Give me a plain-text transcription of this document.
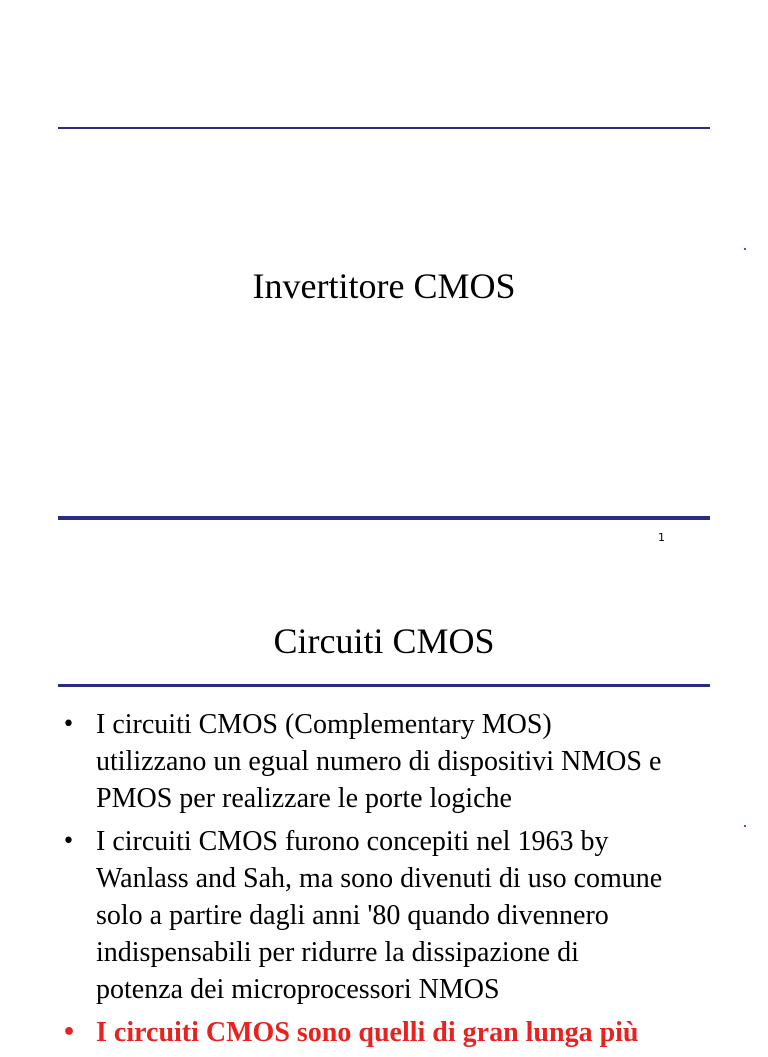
Invertitore CMOS
1
Circuiti CMOS
• I circuiti CMOS (Complementary MOS)
utilizzano un egual numero di dispositivi NMOS e
PMOS per realizzare le porte logiche
• I circuiti CMOS furono concepiti nel 1963 by
Wanlass and Sah, ma sono divenuti di uso comune
solo a partire dagli anni '80 quando divennero
indispensabili per ridurre la dissipazione di
potenza dei microprocessori NMOS
• I circuiti CMOS sono quelli di gran lunga più
